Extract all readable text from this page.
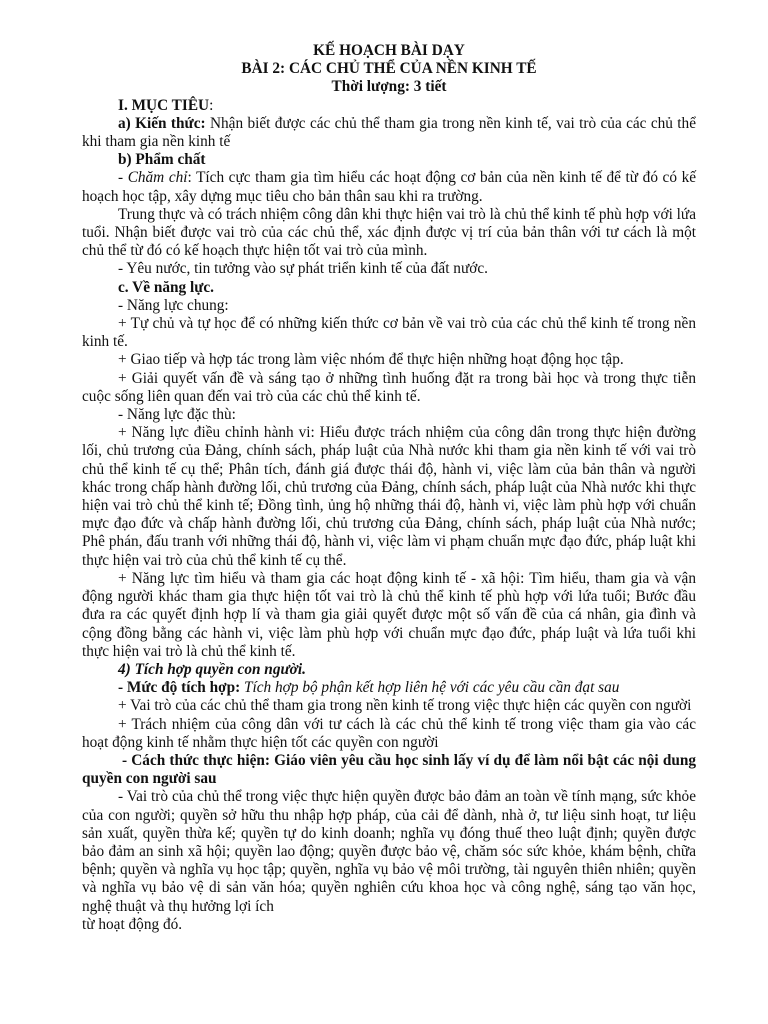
KẾ HOẠCH BÀI DẠY

BÀI 2: CÁC CHỦ THỂ CỦA NỀN KINH TẾ

Thời lượng: 3 tiết

I. MỤC TIÊU:

a) Kiến thức: Nhận biết được các chủ thể tham gia trong nền kinh tế, vai trò của các chủ thể khi tham gia nền kinh tế

b) Phẩm chất

- Chăm chỉ: Tích cực tham gia tìm hiểu các hoạt động cơ bản của nền kinh tế để từ đó có kế hoạch học tập, xây dựng mục tiêu cho bản thân sau khi ra trường.

Trung thực và có trách nhiệm công dân khi thực hiện vai trò là chủ thể kinh tế phù hợp với lứa tuổi. Nhận biết được vai trò của các chủ thể, xác định được vị trí của bản thân với tư cách là một chủ thể từ đó có kế hoạch thực hiện tốt vai trò của mình.

- Yêu nước, tin tưởng vào sự phát triển kinh tế của đất nước.

c. Về năng lực.

- Năng lực chung:

+ Tự chủ và tự học để có những kiến thức cơ bản về vai trò của các chủ thể kinh tế trong nền kinh tế.

+ Giao tiếp và hợp tác trong làm việc nhóm để thực hiện những hoạt động học tập.

+ Giải quyết vấn đề và sáng tạo ở những tình huống đặt ra trong bài học và trong thực tiễn cuộc sống liên quan đến vai trò của các chủ thể kinh tế.

- Năng lực đặc thù:

+ Năng lực điều chỉnh hành vi: Hiểu được trách nhiệm của công dân trong thực hiện đường lối, chủ trương của Đảng, chính sách, pháp luật của Nhà nước khi tham gia nền kinh tế với vai trò chủ thể kinh tế cụ thể; Phân tích, đánh giá được thái độ, hành vi, việc làm của bản thân và người khác trong chấp hành đường lối, chủ trương của Đảng, chính sách, pháp luật của Nhà nước khi thực hiện vai trò chủ thể kinh tế; Đồng tình, ủng hộ những thái độ, hành vi, việc làm phù hợp với chuẩn mực đạo đức và chấp hành đường lối, chủ trương của Đảng, chính sách, pháp luật của Nhà nước; Phê phán, đấu tranh với những thái độ, hành vi, việc làm vi phạm chuẩn mực đạo đức, pháp luật khi thực hiện vai trò của chủ thể kinh tế cụ thể.

+ Năng lực tìm hiểu và tham gia các hoạt động kinh tế - xã hội: Tìm hiểu, tham gia và vận động người khác tham gia thực hiện tốt vai trò là chủ thể kinh tế phù hợp với lứa tuổi; Bước đầu đưa ra các quyết định hợp lí và tham gia giải quyết được một số vấn đề của cá nhân, gia đình và cộng đồng bằng các hành vi, việc làm phù hợp với chuẩn mực đạo đức, pháp luật và lứa tuổi khi thực hiện vai trò là chủ thể kinh tế.

4) Tích hợp quyền con người.

- Mức độ tích hợp: Tích hợp bộ phận kết hợp liên hệ với các yêu cầu cần đạt sau

+ Vai trò của các chủ thể tham gia trong nền kinh tế trong việc thực hiện các quyền con người

+ Trách nhiệm của công dân với tư cách là các chủ thể kinh tế trong việc tham gia vào các hoạt động kinh tế nhằm thực hiện tốt các quyền con người

- Cách thức thực hiện: Giáo viên yêu cầu học sinh lấy ví dụ để làm nổi bật các nội dung quyền con người sau

- Vai trò của chủ thể trong việc thực hiện quyền được bảo đảm an toàn về tính mạng, sức khỏe của con người; quyền sở hữu thu nhập hợp pháp, của cải để dành, nhà ở, tư liệu sinh hoạt, tư liệu sản xuất, quyền thừa kế; quyền tự do kinh doanh; nghĩa vụ đóng thuế theo luật định; quyền được bảo đảm an sinh xã hội; quyền lao động; quyền được bảo vệ, chăm sóc sức khỏe, khám bệnh, chữa bệnh; quyền và nghĩa vụ học tập; quyền, nghĩa vụ bảo vệ môi trường, tài nguyên thiên nhiên; quyền và nghĩa vụ bảo vệ di sản văn hóa; quyền nghiên cứu khoa học và công nghệ, sáng tạo văn học, nghệ thuật và thụ hưởng lợi ích

từ hoạt động đó.
